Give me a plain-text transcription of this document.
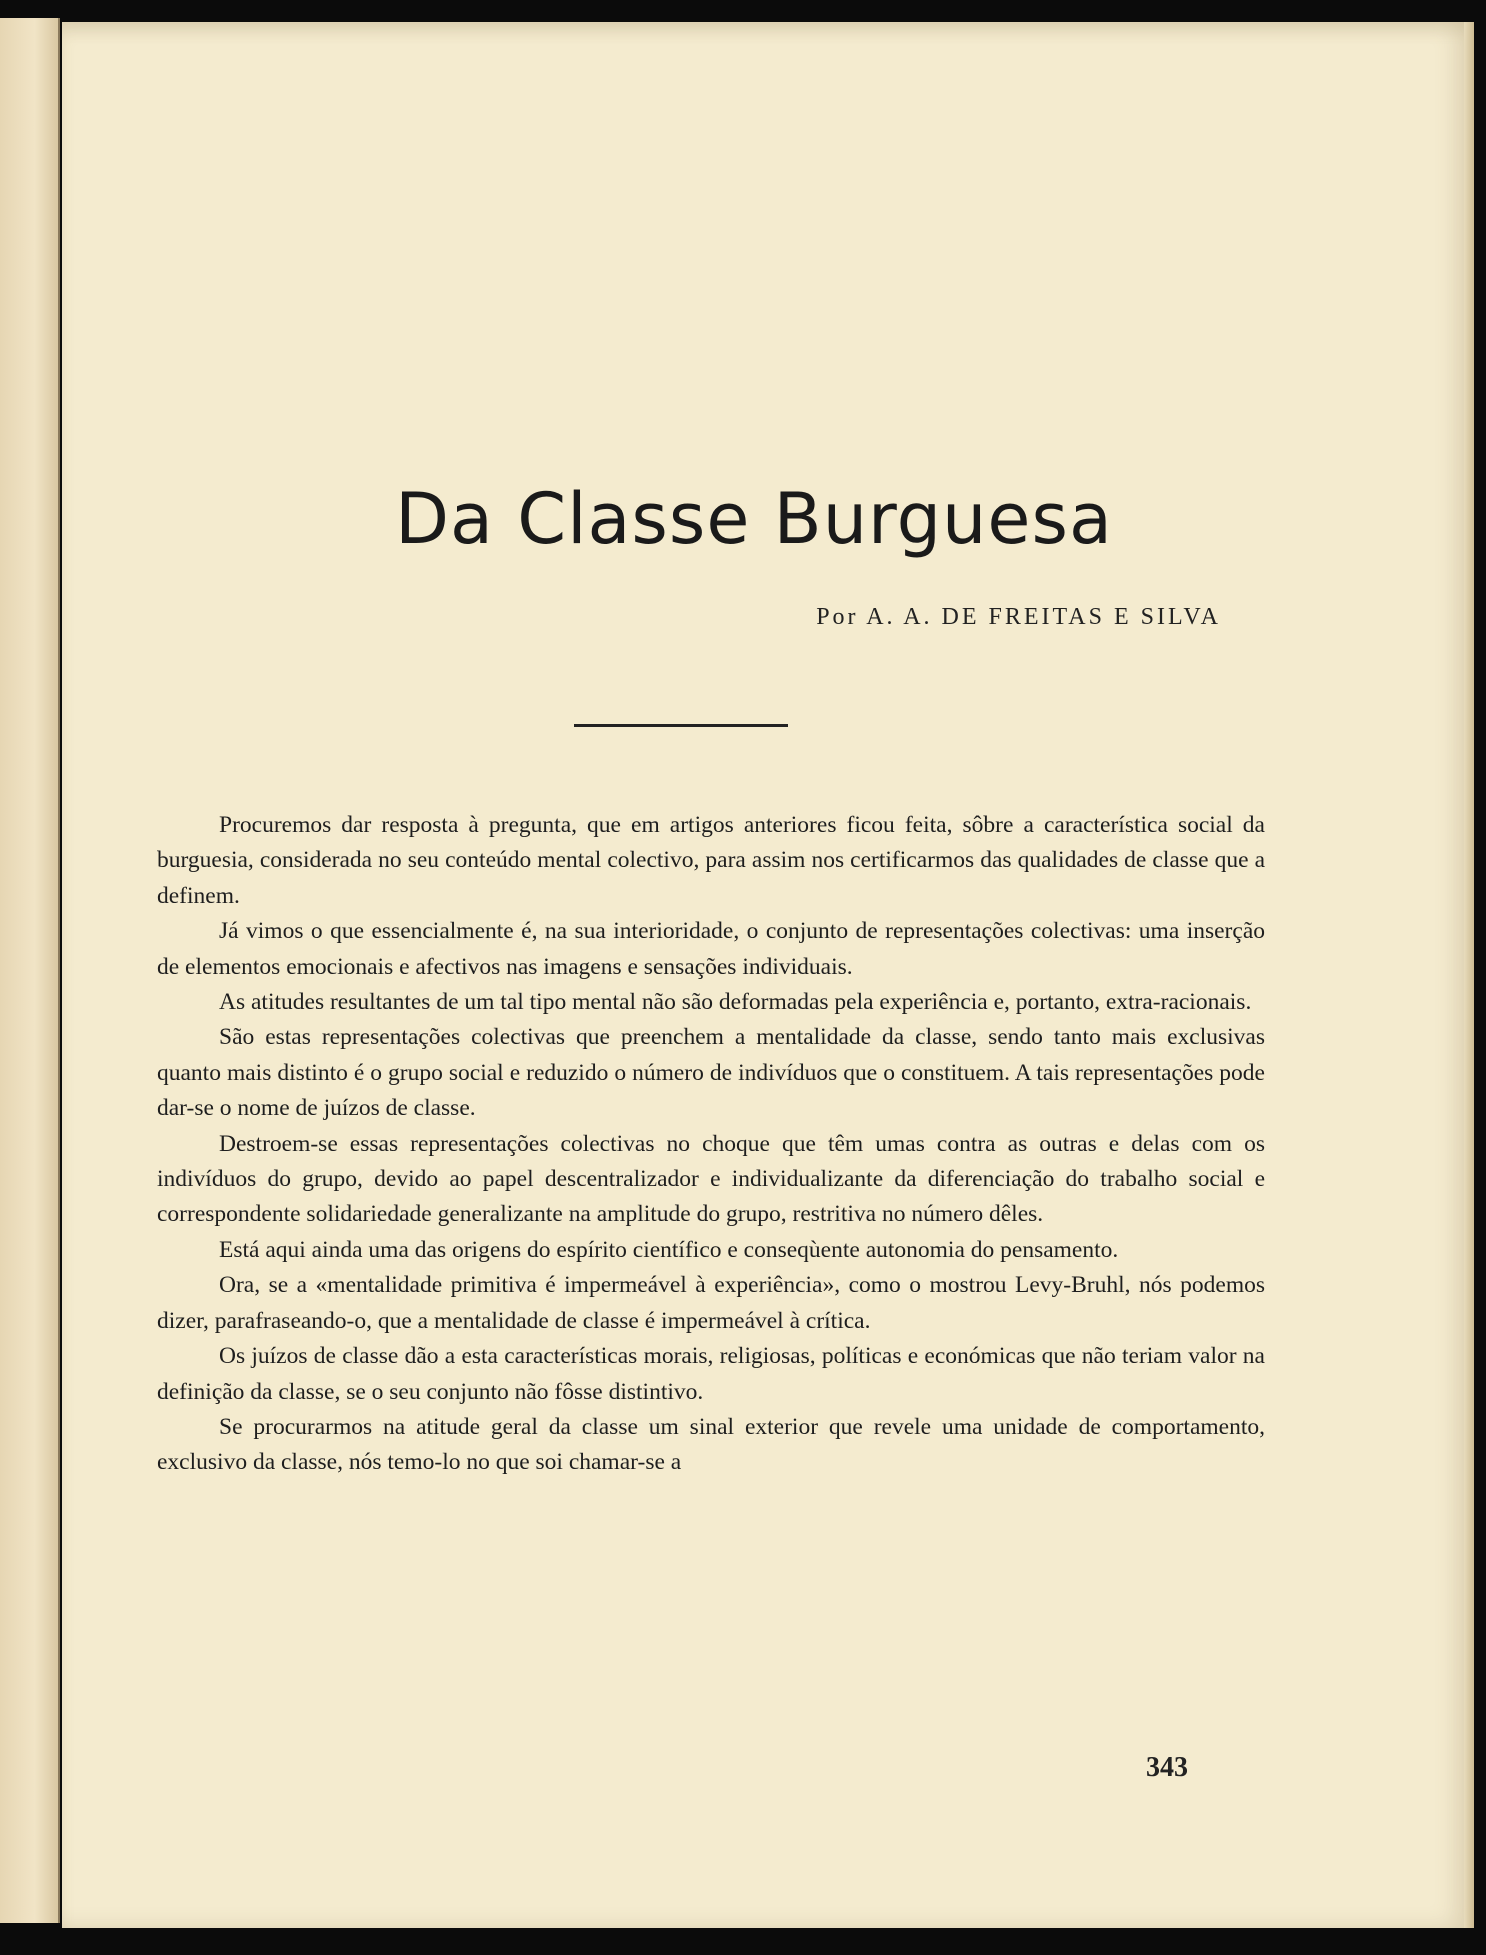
Da Classe Burguesa
Por A. A. DE FREITAS E SILVA

Procuremos dar resposta à pregunta, que em artigos anteriores ficou feita, sôbre a característica social da burguesia, considerada no seu conteúdo mental colectivo, para assim nos certificarmos das qualidades de classe que a definem.

Já vimos o que essencialmente é, na sua interioridade, o conjunto de representações colectivas: uma inserção de elementos emocionais e afectivos nas imagens e sensações individuais.

As atitudes resultantes de um tal tipo mental não são deformadas pela experiência e, portanto, extra-racionais.

São estas representações colectivas que preenchem a mentalidade da classe, sendo tanto mais exclusivas quanto mais distinto é o grupo social e reduzido o número de indivíduos que o constituem. A tais representações pode dar-se o nome de juízos de classe.

Destroem-se essas representações colectivas no choque que têm umas contra as outras e delas com os indivíduos do grupo, devido ao papel descentralizador e individualizante da diferenciação do trabalho social e correspondente solidariedade generalizante na amplitude do grupo, restritiva no número dêles.

Está aqui ainda uma das origens do espírito científico e conseqùente autonomia do pensamento.

Ora, se a «mentalidade primitiva é impermeável à experiência», como o mostrou Levy-Bruhl, nós podemos dizer, parafraseando-o, que a mentalidade de classe é impermeável à crítica.

Os juízos de classe dão a esta características morais, religiosas, políticas e económicas que não teriam valor na definição da classe, se o seu conjunto não fôsse distintivo.

Se procurarmos na atitude geral da classe um sinal exterior que revele uma unidade de comportamento, exclusivo da classe, nós temo-lo no que soi chamar-se a

343
